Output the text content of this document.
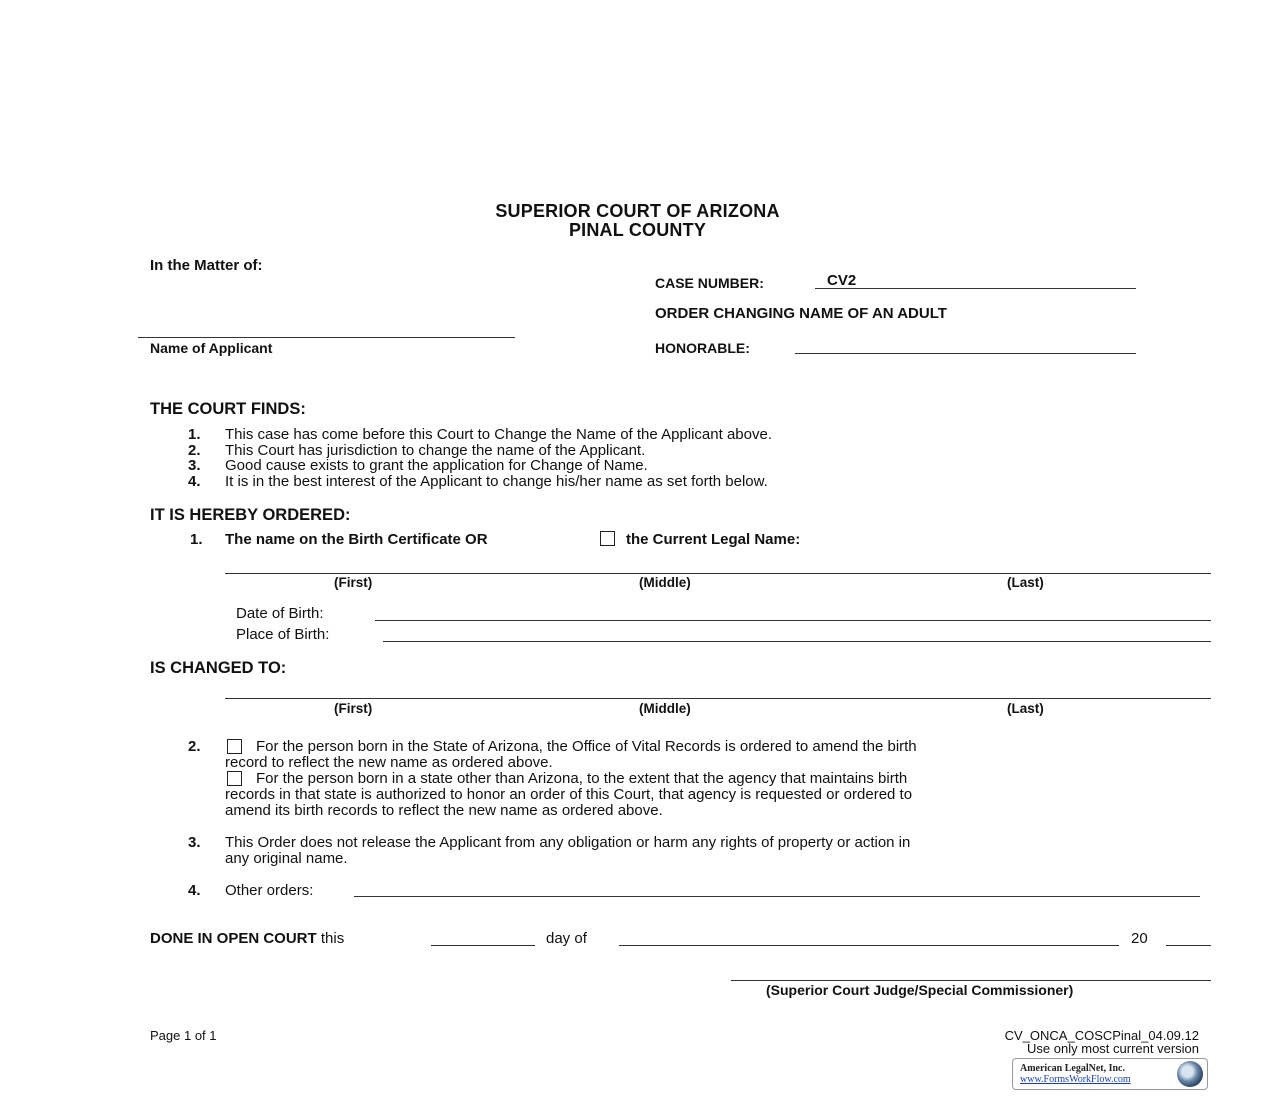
SUPERIOR COURT OF ARIZONA
PINAL COUNTY
In the Matter of:
Name of Applicant
CASE NUMBER:	CV2
ORDER CHANGING NAME OF AN ADULT
HONORABLE:
THE COURT FINDS:
1. This case has come before this Court to Change the Name of the Applicant above.
2. This Court has jurisdiction to change the name of the Applicant.
3. Good cause exists to grant the application for Change of Name.
4. It is in the best interest of the Applicant to change his/her name as set forth below.
IT IS HEREBY ORDERED:
1. The name on the Birth Certificate OR	the Current Legal Name:
(First)	(Middle)	(Last)
Date of Birth:
Place of Birth:
IS CHANGED TO:
(First)	(Middle)	(Last)
2.	For the person born in the State of Arizona, the Office of Vital Records is ordered to amend the birth
record to reflect the new name as ordered above.
For the person born in a state other than Arizona, to the extent that the agency that maintains birth
records in that state is authorized to honor an order of this Court, that agency is requested or ordered to
amend its birth records to reflect the new name as ordered above.
3. This Order does not release the Applicant from any obligation or harm any rights of property or action in
any original name.
4. Other orders:
DONE IN OPEN COURT this	day of	20
(Superior Court Judge/Special Commissioner)
Page 1 of 1	CV_ONCA_COSCPinal_04.09.12
Use only most current version
American LegalNet, Inc.
www.FormsWorkFlow.com
